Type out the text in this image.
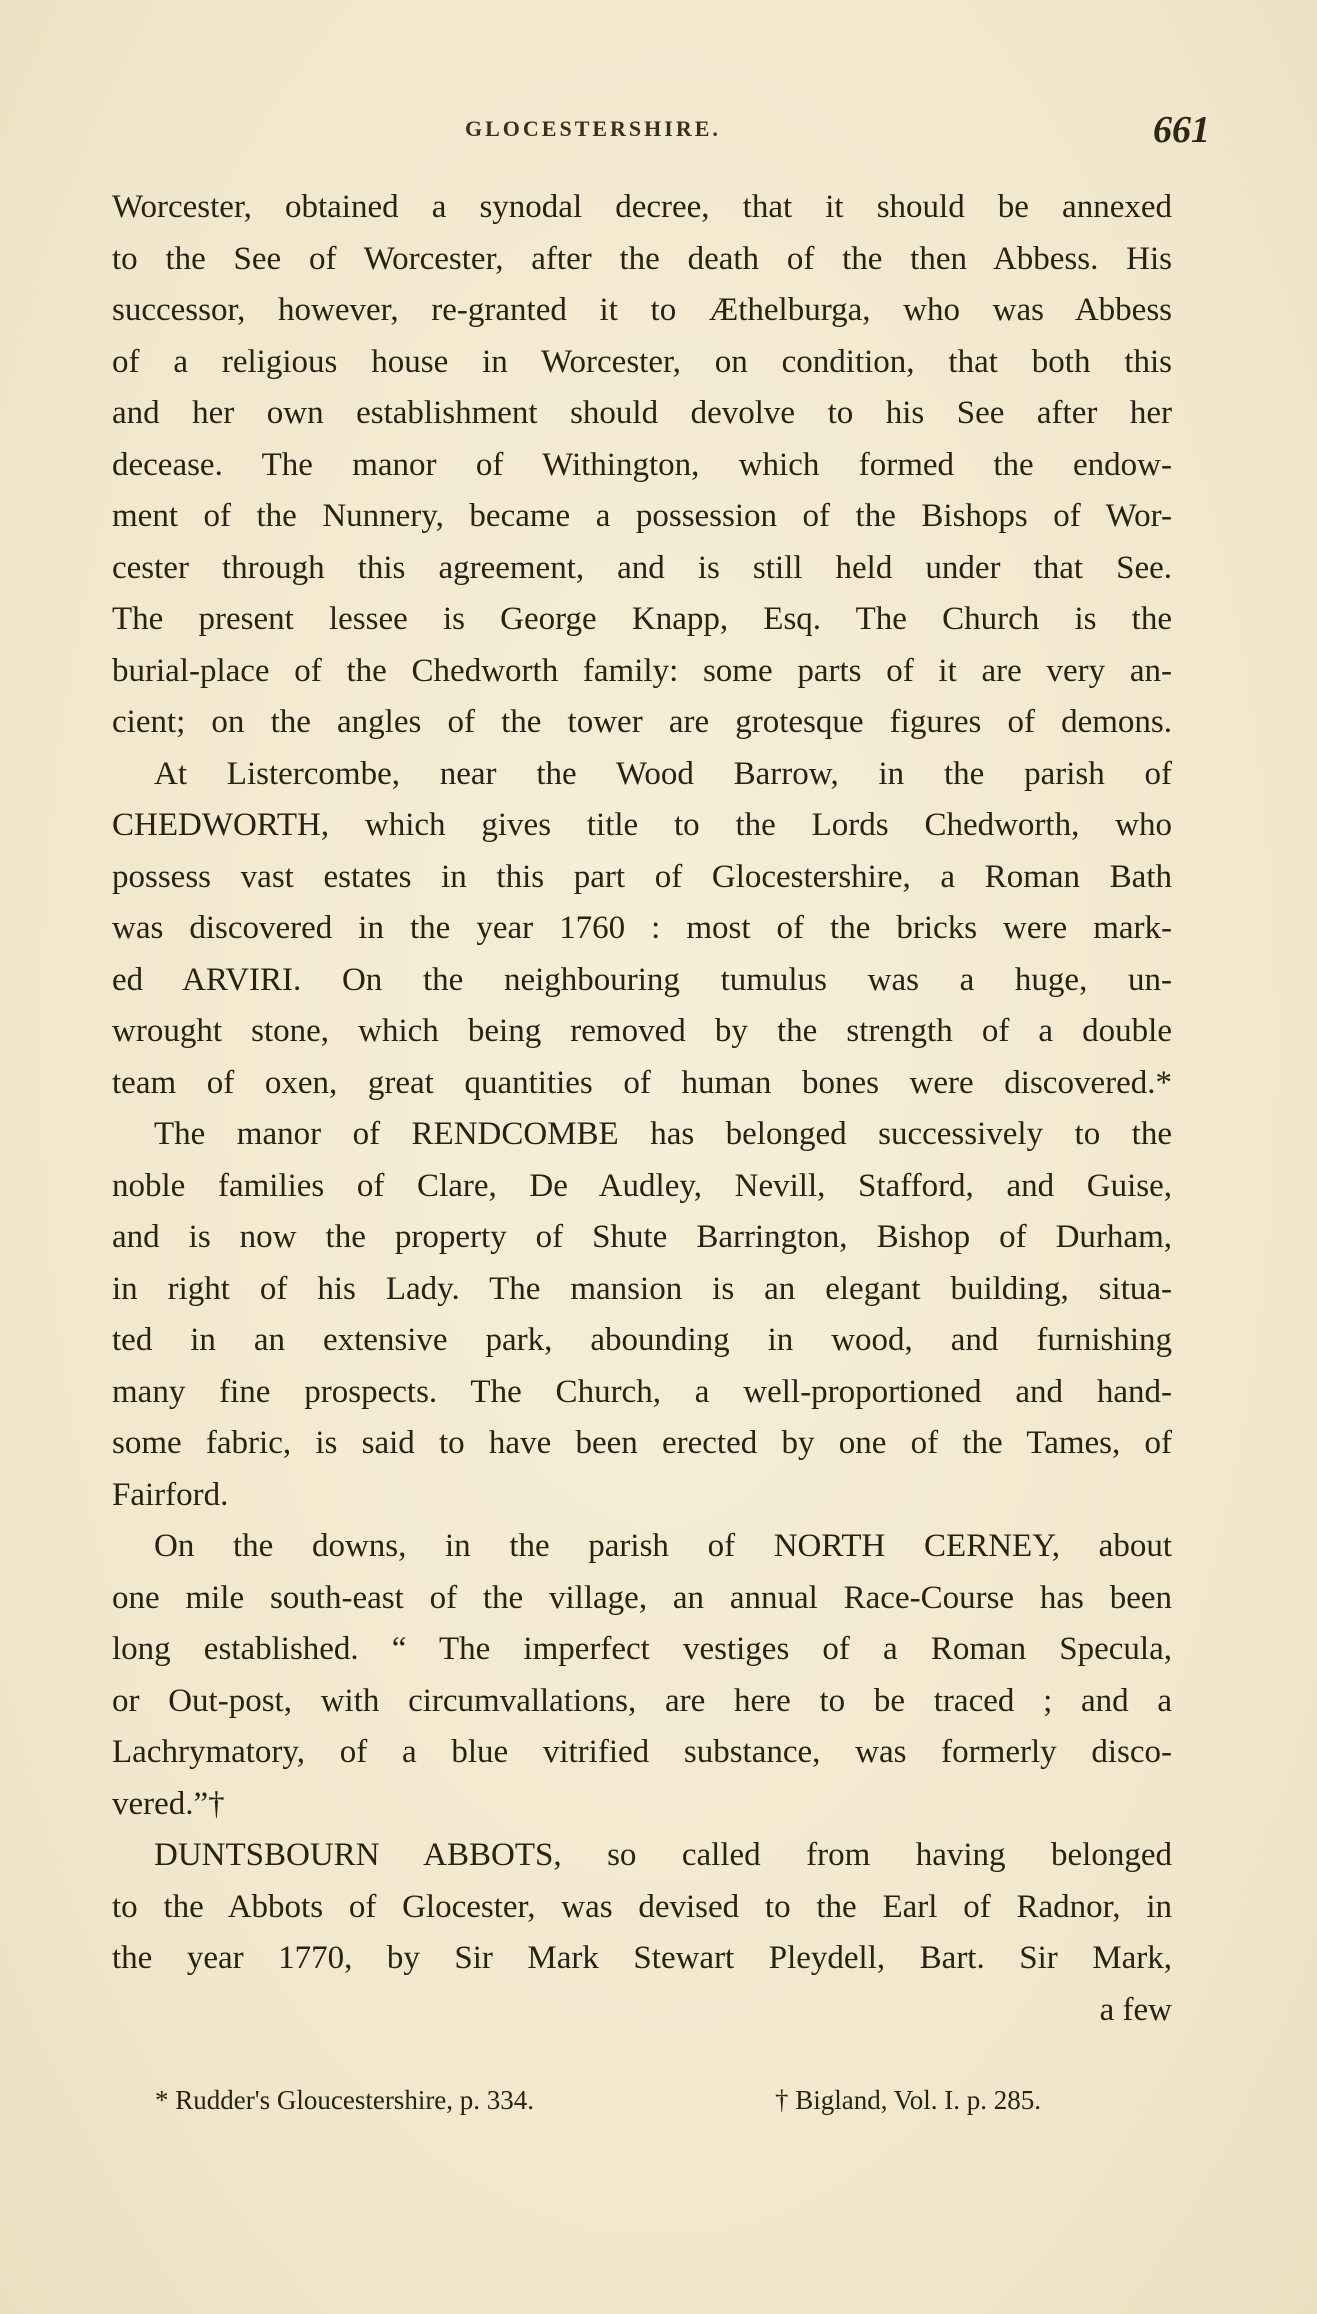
GLOCESTERSHIRE.	661
Worcester, obtained a synodal decree, that it should be annexed
to the See of Worcester, after the death of the then Abbess. His
successor, however, re-granted it to Æthelburga, who was Abbess
of a religious house in Worcester, on condition, that both this
and her own establishment should devolve to his See after her
decease. The manor of Withington, which formed the endow-
ment of the Nunnery, became a possession of the Bishops of Wor-
cester through this agreement, and is still held under that See.
The present lessee is George Knapp, Esq. The Church is the
burial-place of the Chedworth family: some parts of it are very an-
cient; on the angles of the tower are grotesque figures of demons.
At Listercombe, near the Wood Barrow, in the parish of
CHEDWORTH, which gives title to the Lords Chedworth, who
possess vast estates in this part of Glocestershire, a Roman Bath
was discovered in the year 1760 : most of the bricks were mark-
ed ARVIRI. On the neighbouring tumulus was a huge, un-
wrought stone, which being removed by the strength of a double
team of oxen, great quantities of human bones were discovered.*
The manor of RENDCOMBE has belonged successively to the
noble families of Clare, De Audley, Nevill, Stafford, and Guise,
and is now the property of Shute Barrington, Bishop of Durham,
in right of his Lady. The mansion is an elegant building, situa-
ted in an extensive park, abounding in wood, and furnishing
many fine prospects. The Church, a well-proportioned and hand-
some fabric, is said to have been erected by one of the Tames, of
Fairford.
On the downs, in the parish of NORTH CERNEY, about
one mile south-east of the village, an annual Race-Course has been
long established. “ The imperfect vestiges of a Roman Specula,
or Out-post, with circumvallations, are here to be traced ; and a
Lachrymatory, of a blue vitrified substance, was formerly disco-
vered.”†
DUNTSBOURN ABBOTS, so called from having belonged
to the Abbots of Glocester, was devised to the Earl of Radnor, in
the year 1770, by Sir Mark Stewart Pleydell, Bart. Sir Mark,
a few
* Rudder's Gloucestershire, p. 334.	† Bigland, Vol. I. p. 285.
